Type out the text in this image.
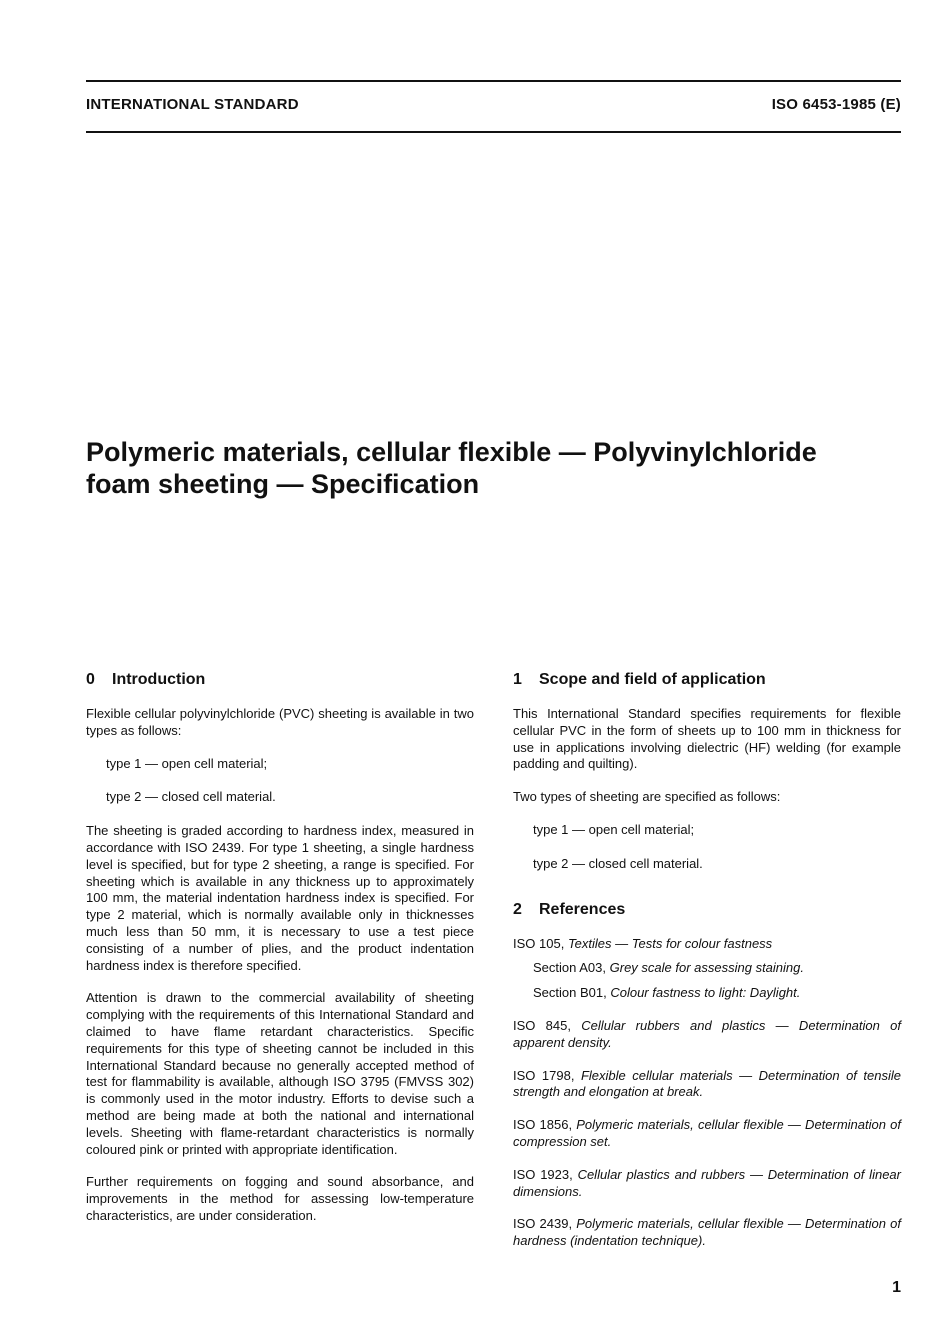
INTERNATIONAL STANDARD	ISO 6453-1985 (E)
Polymeric materials, cellular flexible — Polyvinylchloride
foam sheeting — Specification
0 Introduction

Flexible cellular polyvinylchloride (PVC) sheeting is available in two types as follows:

type 1 — open cell material;
type 2 — closed cell material.

The sheeting is graded according to hardness index, measured in accordance with ISO 2439. For type 1 sheeting, a single hardness level is specified, but for type 2 sheeting, a range is specified. For sheeting which is available in any thickness up to approximately 100 mm, the material indentation hardness index is specified. For type 2 material, which is normally available only in thicknesses much less than 50 mm, it is necessary to use a test piece consisting of a number of plies, and the product indentation hardness index is therefore specified.

Attention is drawn to the commercial availability of sheeting complying with the requirements of this International Standard and claimed to have flame retardant characteristics. Specific requirements for this type of sheeting cannot be included in this International Standard because no generally accepted method of test for flammability is available, although ISO 3795 (FMVSS 302) is commonly used in the motor industry. Efforts to devise such a method are being made at both the national and international levels. Sheeting with flame-retardant characteristics is normally coloured pink or printed with appropriate identification.

Further requirements on fogging and sound absorbance, and improvements in the method for assessing low-temperature characteristics, are under consideration.

1 Scope and field of application

This International Standard specifies requirements for flexible cellular PVC in the form of sheets up to 100 mm in thickness for use in applications involving dielectric (HF) welding (for example padding and quilting).

Two types of sheeting are specified as follows:

type 1 — open cell material;
type 2 — closed cell material.
2 References
ISO 105, Textiles — Tests for colour fastness
Section A03, Grey scale for assessing staining.
Section B01, Colour fastness to light: Daylight.
ISO 845, Cellular rubbers and plastics — Determination of apparent density.
ISO 1798, Flexible cellular materials — Determination of tensile strength and elongation at break.
ISO 1856, Polymeric materials, cellular flexible — Determination of compression set.
ISO 1923, Cellular plastics and rubbers — Determination of linear dimensions.
ISO 2439, Polymeric materials, cellular flexible — Determination of hardness (indentation technique).
1
